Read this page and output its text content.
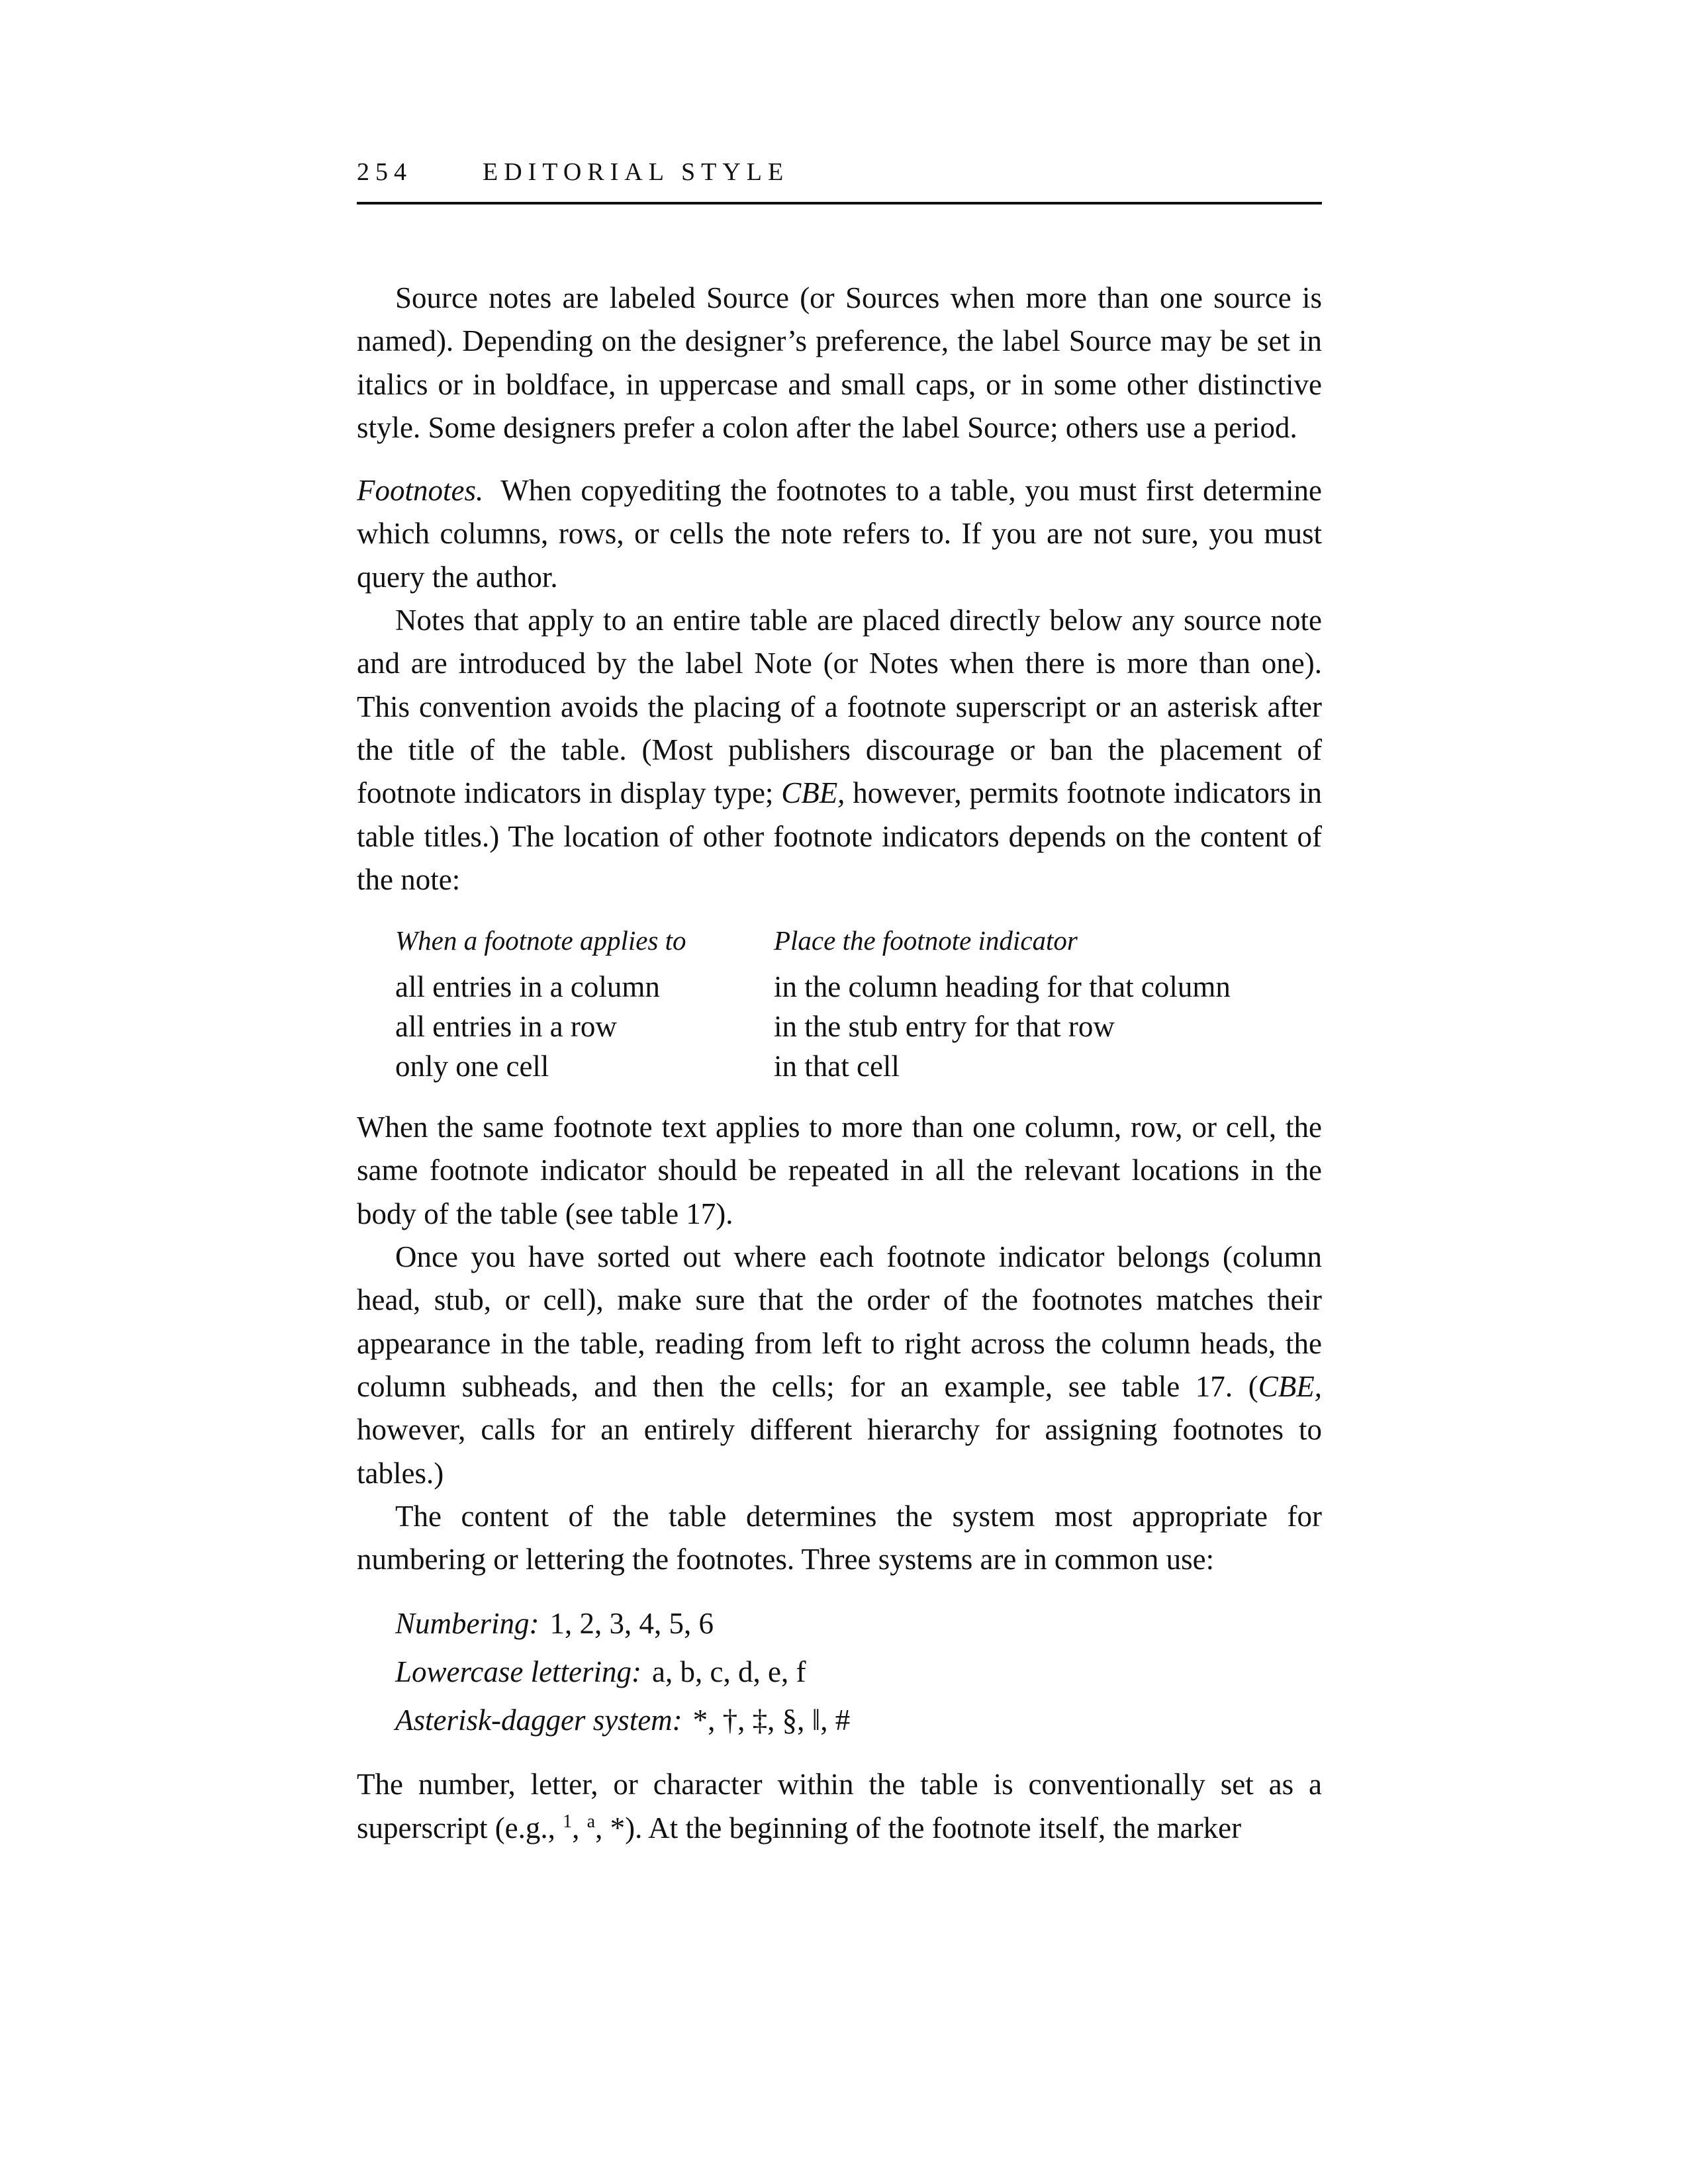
254	EDITORIAL STYLE

Source notes are labeled Source (or Sources when more than one source is named). Depending on the designer’s preference, the label Source may be set in italics or in boldface, in uppercase and small caps, or in some other distinctive style. Some designers prefer a colon after the label Source; others use a period.

Footnotes. When copyediting the footnotes to a table, you must first determine which columns, rows, or cells the note refers to. If you are not sure, you must query the author.

Notes that apply to an entire table are placed directly below any source note and are introduced by the label Note (or Notes when there is more than one). This convention avoids the placing of a footnote superscript or an asterisk after the title of the table. (Most publishers discourage or ban the placement of footnote indicators in display type; CBE, however, permits footnote indicators in table titles.) The location of other footnote indicators depends on the content of the note:

When a footnote applies to	Place the footnote indicator
all entries in a column	in the column heading for that column
all entries in a row	in the stub entry for that row
only one cell	in that cell

When the same footnote text applies to more than one column, row, or cell, the same footnote indicator should be repeated in all the relevant locations in the body of the table (see table 17).

Once you have sorted out where each footnote indicator belongs (column head, stub, or cell), make sure that the order of the footnotes matches their appearance in the table, reading from left to right across the column heads, the column subheads, and then the cells; for an example, see table 17. (CBE, however, calls for an entirely different hierarchy for assigning footnotes to tables.)

The content of the table determines the system most appropriate for numbering or lettering the footnotes. Three systems are in common use:

Numbering: 1, 2, 3, 4, 5, 6
Lowercase lettering: a, b, c, d, e, f
Asterisk-dagger system: *, †, ‡, §, ‖, #

The number, letter, or character within the table is conventionally set as a superscript (e.g., $^1$, $^a$, *). At the beginning of the footnote itself, the marker
